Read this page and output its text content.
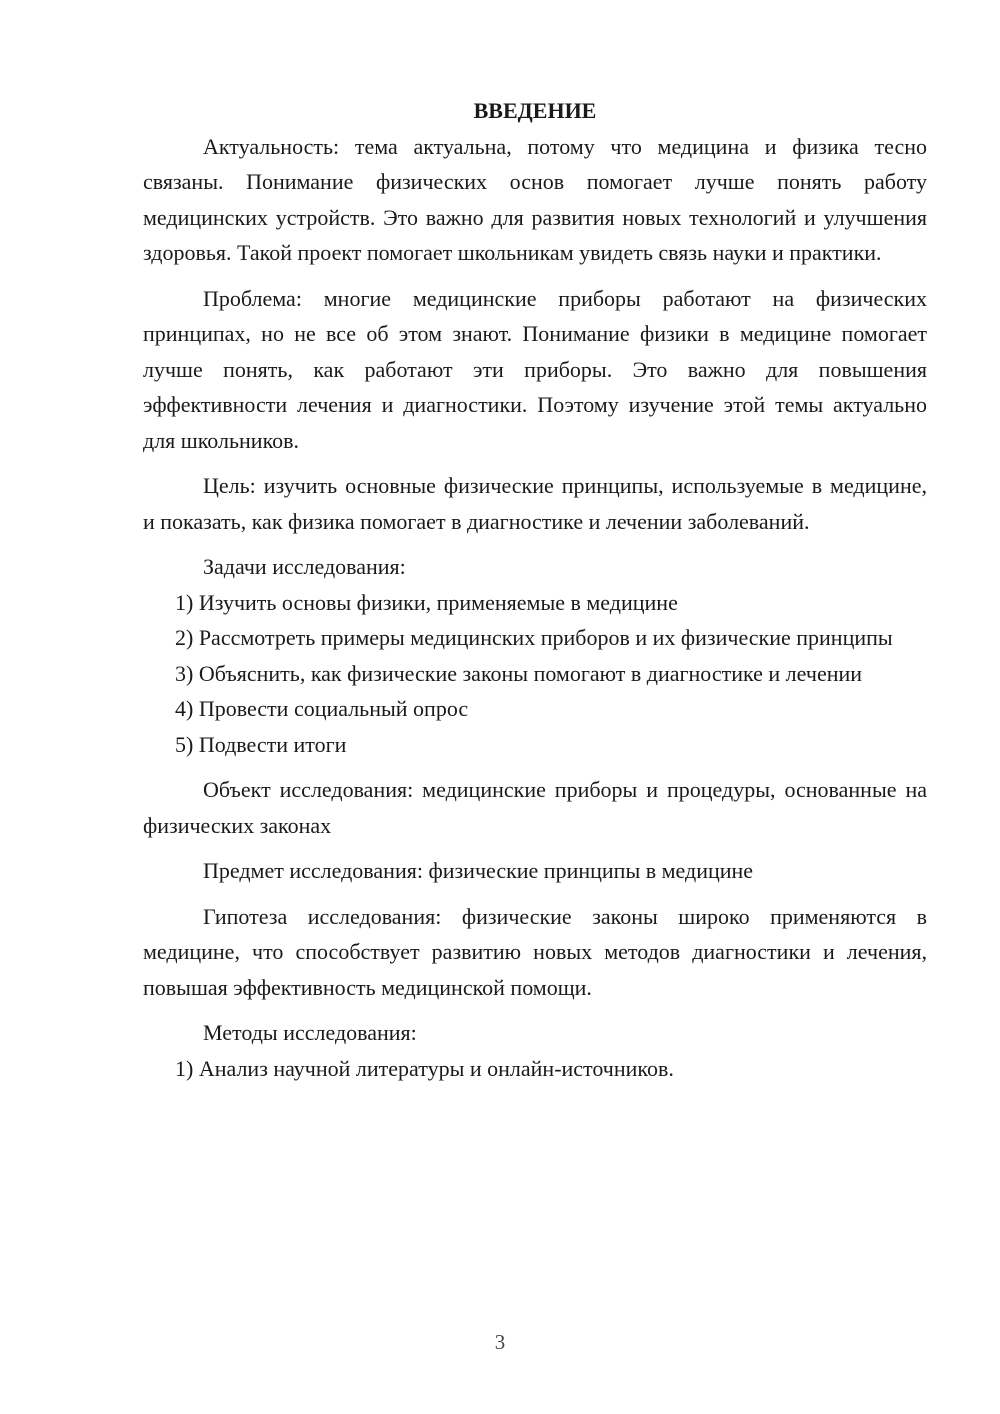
ВВЕДЕНИЕ

Актуальность: тема актуальна, потому что медицина и физика тесно связаны. Понимание физических основ помогает лучше понять работу медицинских устройств. Это важно для развития новых технологий и улучшения здоровья. Такой проект помогает школьникам увидеть связь науки и практики.

Проблема: многие медицинские приборы работают на физических принципах, но не все об этом знают. Понимание физики в медицине помогает лучше понять, как работают эти приборы. Это важно для повышения эффективности лечения и диагностики. Поэтому изучение этой темы актуально для школьников.

Цель: изучить основные физические принципы, используемые в медицине, и показать, как физика помогает в диагностике и лечении заболеваний.

Задачи исследования:

1) Изучить основы физики, применяемые в медицине

2) Рассмотреть примеры медицинских приборов и их физические принципы

3) Объяснить, как физические законы помогают в диагностике и лечении

4) Провести социальный опрос

5) Подвести итоги

Объект исследования: медицинские приборы и процедуры, основанные на физических законах

Предмет исследования: физические принципы в медицине

Гипотеза исследования: физические законы широко применяются в медицине, что способствует развитию новых методов диагностики и лечения, повышая эффективность медицинской помощи.

Методы исследования:

1) Анализ научной литературы и онлайн-источников.

3
